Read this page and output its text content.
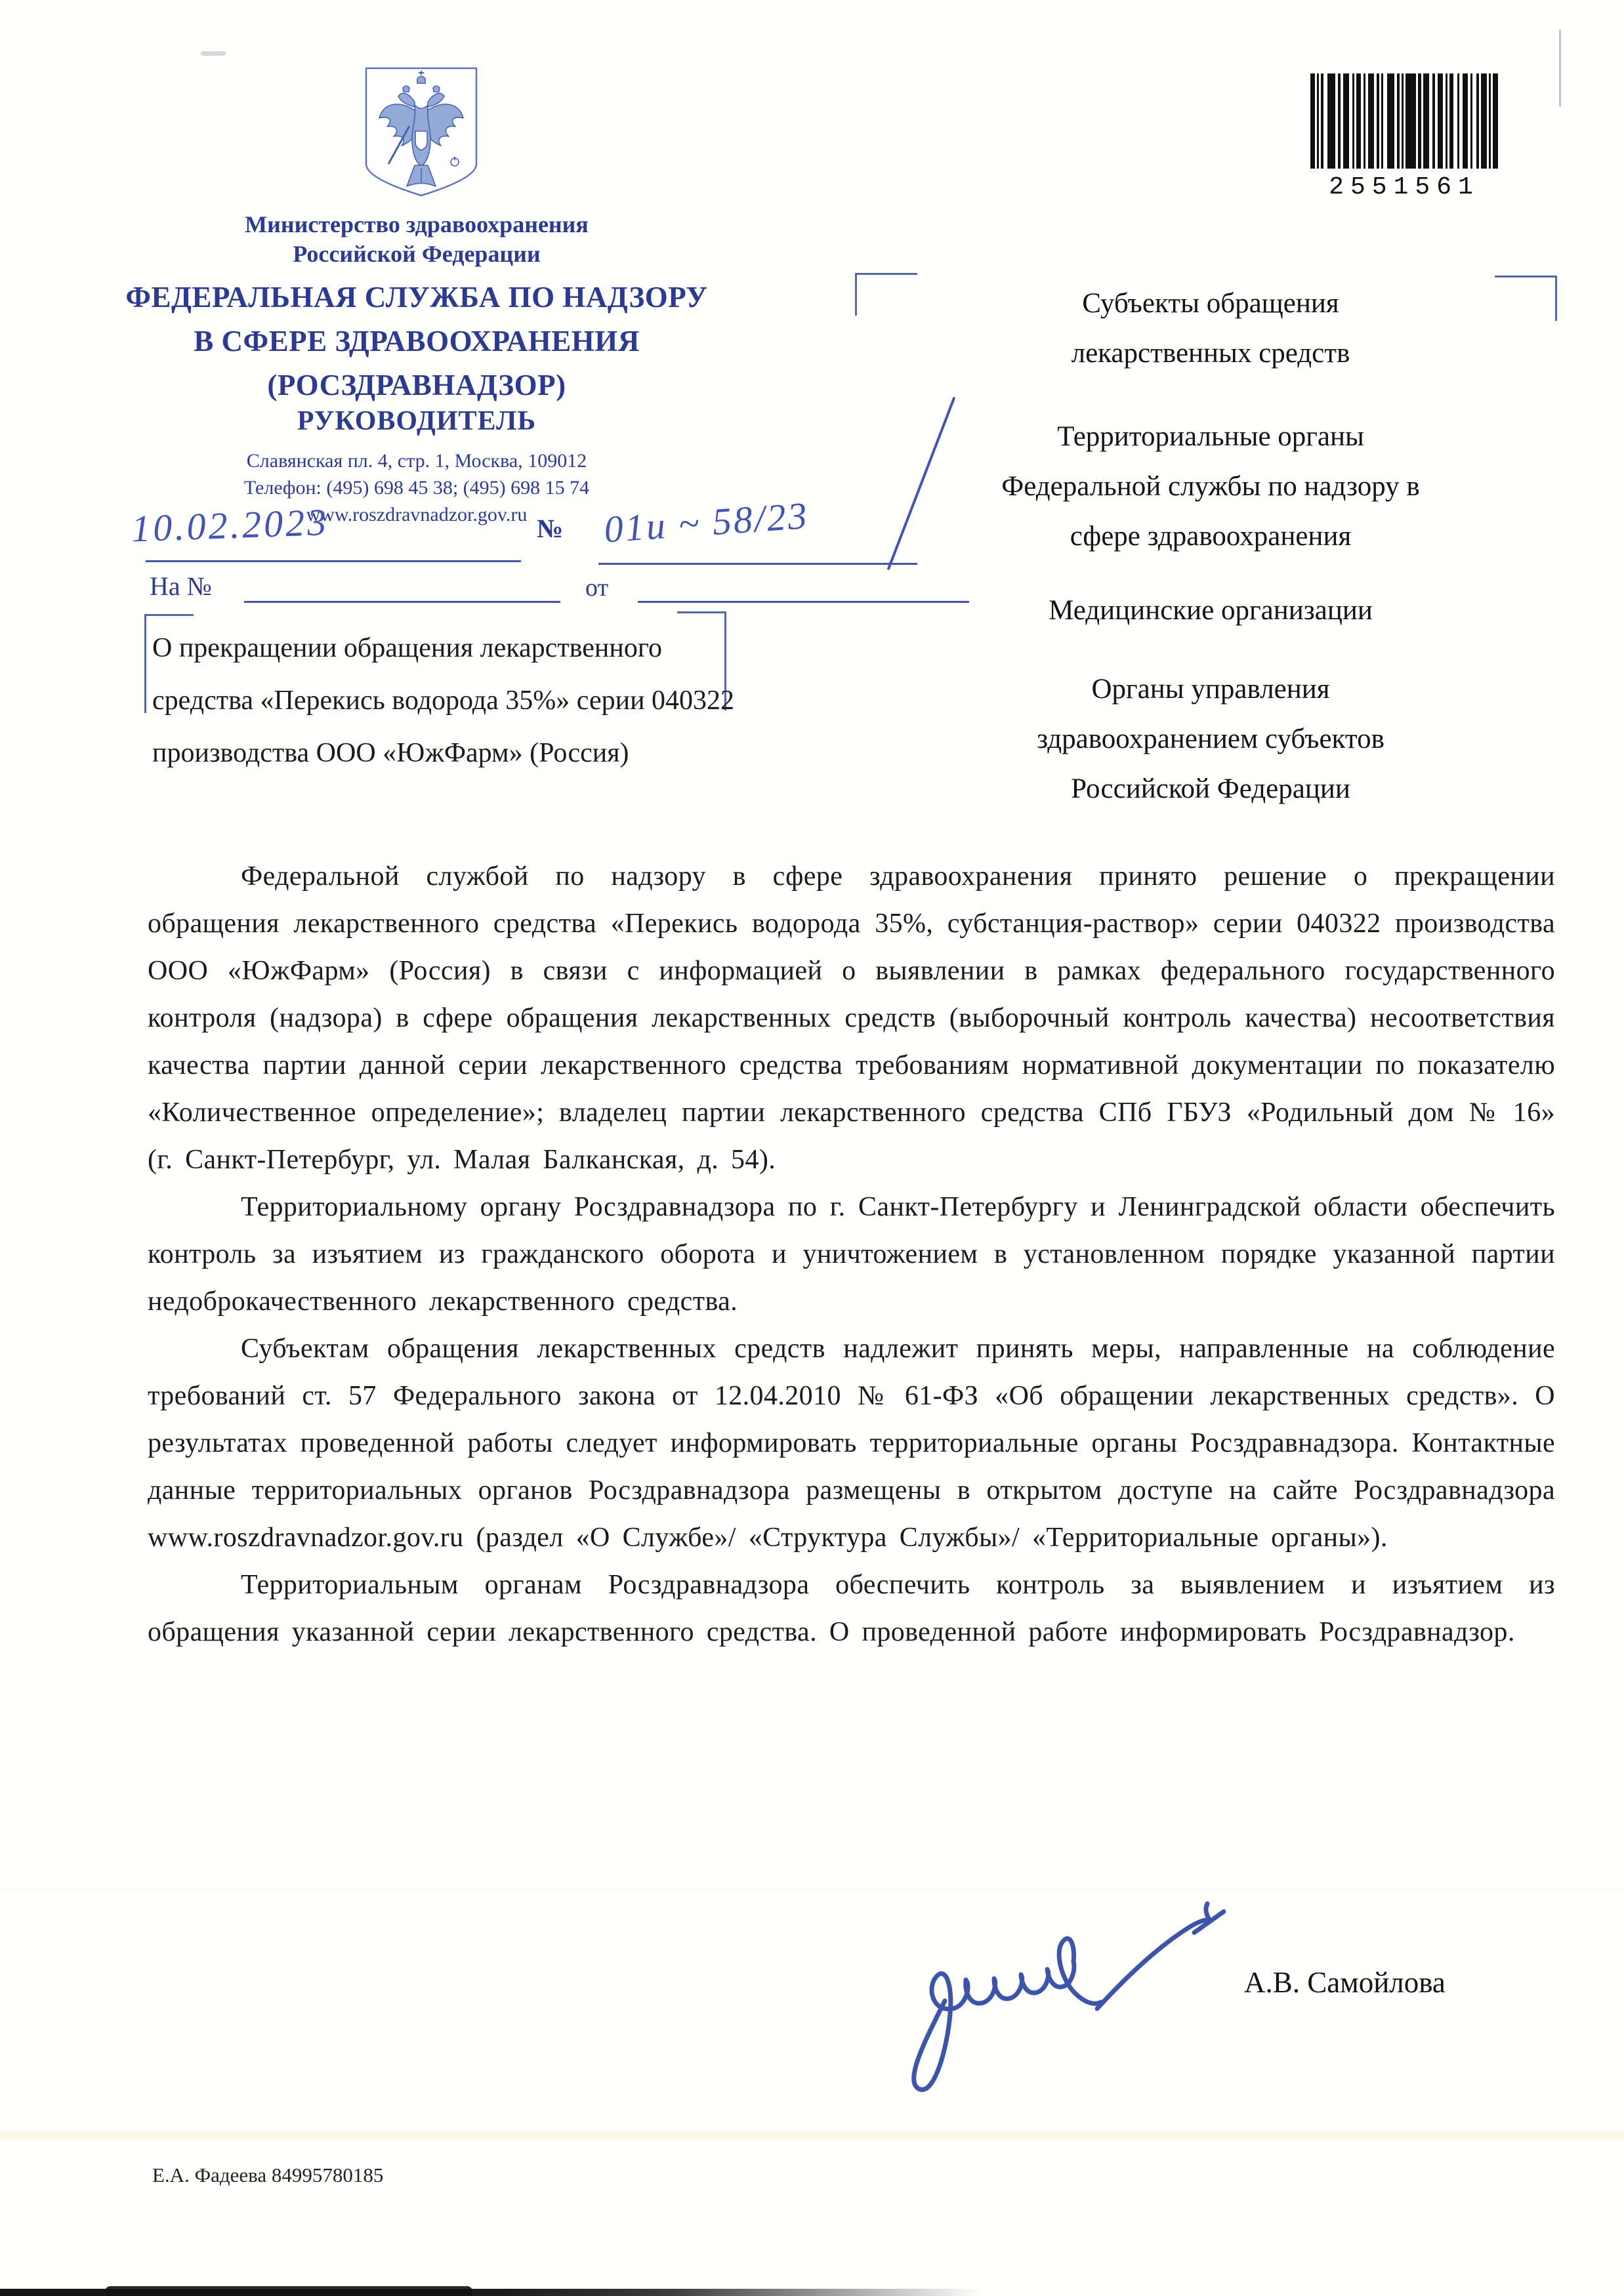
Министерство здравоохранения
Российской Федерации
ФЕДЕРАЛЬНАЯ СЛУЖБА ПО НАДЗОРУ
В СФЕРЕ ЗДРАВООХРАНЕНИЯ
(РОСЗДРАВНАДЗОР)
РУКОВОДИТЕЛЬ
Славянская пл. 4, стр. 1, Москва, 109012
Телефон: (495) 698 45 38; (495) 698 15 74
www.roszdravnadzor.gov.ru
10.02.2023	№ 01и ~ 58/23
На №	от
О прекращении обращения лекарственного
средства «Перекись водорода 35%» серии 040322
производства ООО «ЮжФарм» (Россия)
2551561
Субъекты обращения
лекарственных средств
Территориальные органы
Федеральной службы по надзору в
сфере здравоохранения
Медицинские организации
Органы управления
здравоохранением субъектов
Российской Федерации

Федеральной службой по надзору в сфере здравоохранения принято решение о прекращении обращения лекарственного средства «Перекись водорода 35%, субстанция-раствор» серии 040322 производства ООО «ЮжФарм» (Россия) в связи с информацией о выявлении в рамках федерального государственного контроля (надзора) в сфере обращения лекарственных средств (выборочный контроль качества) несоответствия качества партии данной серии лекарственного средства требованиям нормативной документации по показателю «Количественное определение»; владелец партии лекарственного средства СПб ГБУЗ «Родильный дом № 16» (г. Санкт-Петербург, ул. Малая Балканская, д. 54).

Территориальному органу Росздравнадзора по г. Санкт-Петербургу и Ленинградской области обеспечить контроль за изъятием из гражданского оборота и уничтожением в установленном порядке указанной партии недоброкачественного лекарственного средства.

Субъектам обращения лекарственных средств надлежит принять меры, направленные на соблюдение требований ст. 57 Федерального закона от 12.04.2010 № 61-ФЗ «Об обращении лекарственных средств». О результатах проведенной работы следует информировать территориальные органы Росздравнадзора. Контактные данные территориальных органов Росздравнадзора размещены в открытом доступе на сайте Росздравнадзора www.roszdravnadzor.gov.ru (раздел «О Службе»/ «Структура Службы»/ «Территориальные органы»).

Территориальным органам Росздравнадзора обеспечить контроль за выявлением и изъятием из обращения указанной серии лекарственного средства. О проведенной работе информировать Росздравнадзор.

А.В. Самойлова
Е.А. Фадеева 84995780185
